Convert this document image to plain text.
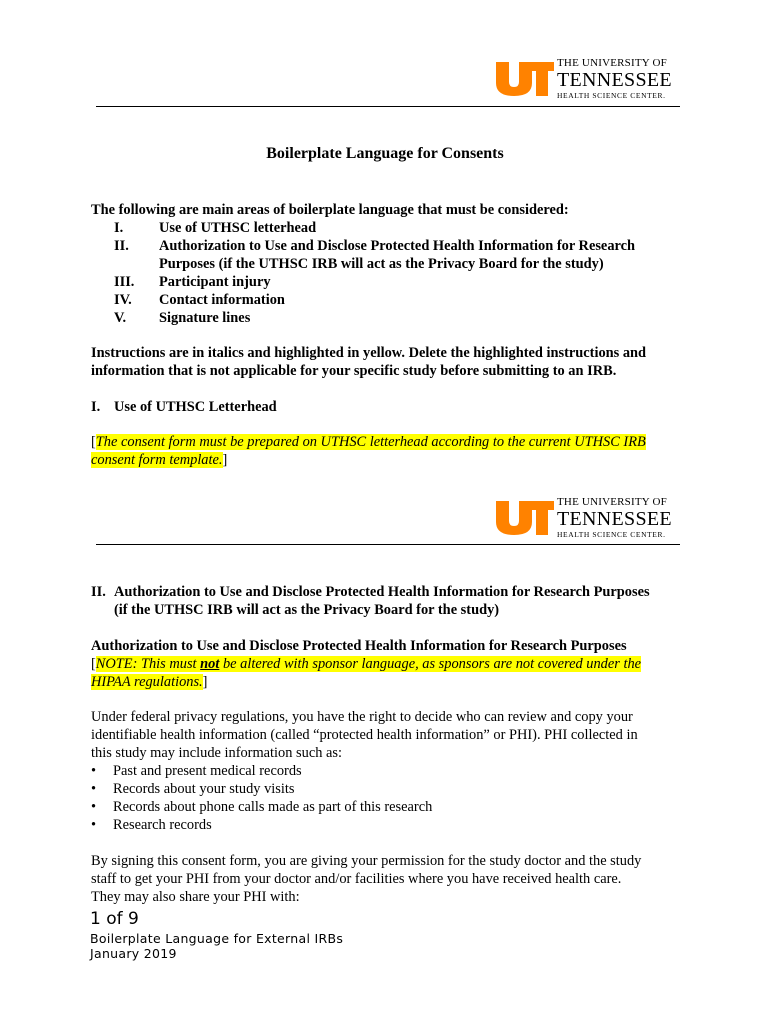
THE UNIVERSITY OF
TENNESSEE
HEALTH SCIENCE CENTER.
Boilerplate Language for Consents
The following are main areas of boilerplate language that must be considered:
I. Use of UTHSC letterhead
II. Authorization to Use and Disclose Protected Health Information for Research
Purposes (if the UTHSC IRB will act as the Privacy Board for the study)
III. Participant injury
IV. Contact information
V. Signature lines
Instructions are in italics and highlighted in yellow. Delete the highlighted instructions and
information that is not applicable for your specific study before submitting to an IRB.
I. Use of UTHSC Letterhead
[The consent form must be prepared on UTHSC letterhead according to the current UTHSC IRB
consent form template.]
THE UNIVERSITY OF
TENNESSEE
HEALTH SCIENCE CENTER.
II. Authorization to Use and Disclose Protected Health Information for Research Purposes
(if the UTHSC IRB will act as the Privacy Board for the study)
Authorization to Use and Disclose Protected Health Information for Research Purposes
[NOTE: This must not be altered with sponsor language, as sponsors are not covered under the
HIPAA regulations.]
Under federal privacy regulations, you have the right to decide who can review and copy your
identifiable health information (called “protected health information” or PHI). PHI collected in
this study may include information such as:
• Past and present medical records
• Records about your study visits
• Records about phone calls made as part of this research
• Research records
By signing this consent form, you are giving your permission for the study doctor and the study
staff to get your PHI from your doctor and/or facilities where you have received health care.
They may also share your PHI with:
1 of 9
Boilerplate Language for External IRBs
January 2019
